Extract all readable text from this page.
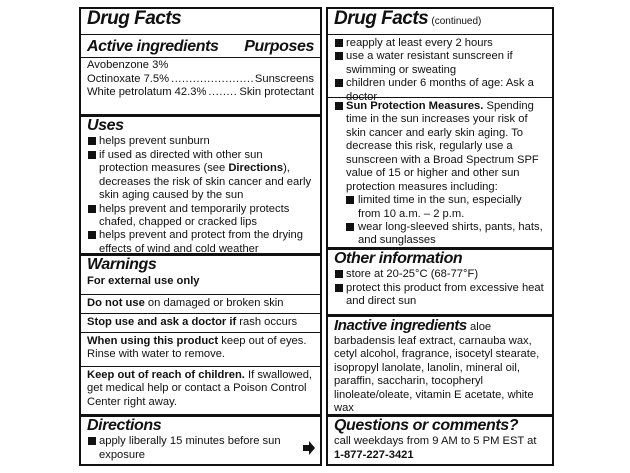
Drug Facts
Active ingredients Purposes
Avobenzone 3%
Octinoxate 7.5% .....	Sunscreens
White petrolatum 42.3% .....	Skin protectant
Uses
helps prevent sunburn
if used as directed with other sun protection measures (see Directions), decreases the risk of skin cancer and early skin aging caused by the sun
helps prevent and temporarily protects chafed, chapped or cracked lips
helps prevent and protect from the drying effects of wind and cold weather
Warnings
For external use only
Do not use on damaged or broken skin
Stop use and ask a doctor if rash occurs
When using this product keep out of eyes. Rinse with water to remove.
Keep out of reach of children. If swallowed, get medical help or contact a Poison Control Center right away.
Directions
apply liberally 15 minutes before sun exposure
Drug Facts (continued)
reapply at least every 2 hours
use a water resistant sunscreen if swimming or sweating
children under 6 months of age: Ask a doctor
Sun Protection Measures. Spending time in the sun increases your risk of skin cancer and early skin aging. To decrease this risk, regularly use a sunscreen with a Broad Spectrum SPF value of 15 or higher and other sun protection measures including:
limited time in the sun, especially from 10 a.m. – 2 p.m.
wear long-sleeved shirts, pants, hats, and sunglasses
Other information
store at 20-25°C (68-77°F)
protect this product from excessive heat and direct sun
Inactive ingredients aloe barbadensis leaf extract, carnauba wax, cetyl alcohol, fragrance, isocetyl stearate, isopropyl lanolate, lanolin, mineral oil, paraffin, saccharin, tocopheryl linoleate/oleate, vitamin E acetate, white wax
Questions or comments?
call weekdays from 9 AM to 5 PM EST at
1-877-227-3421
